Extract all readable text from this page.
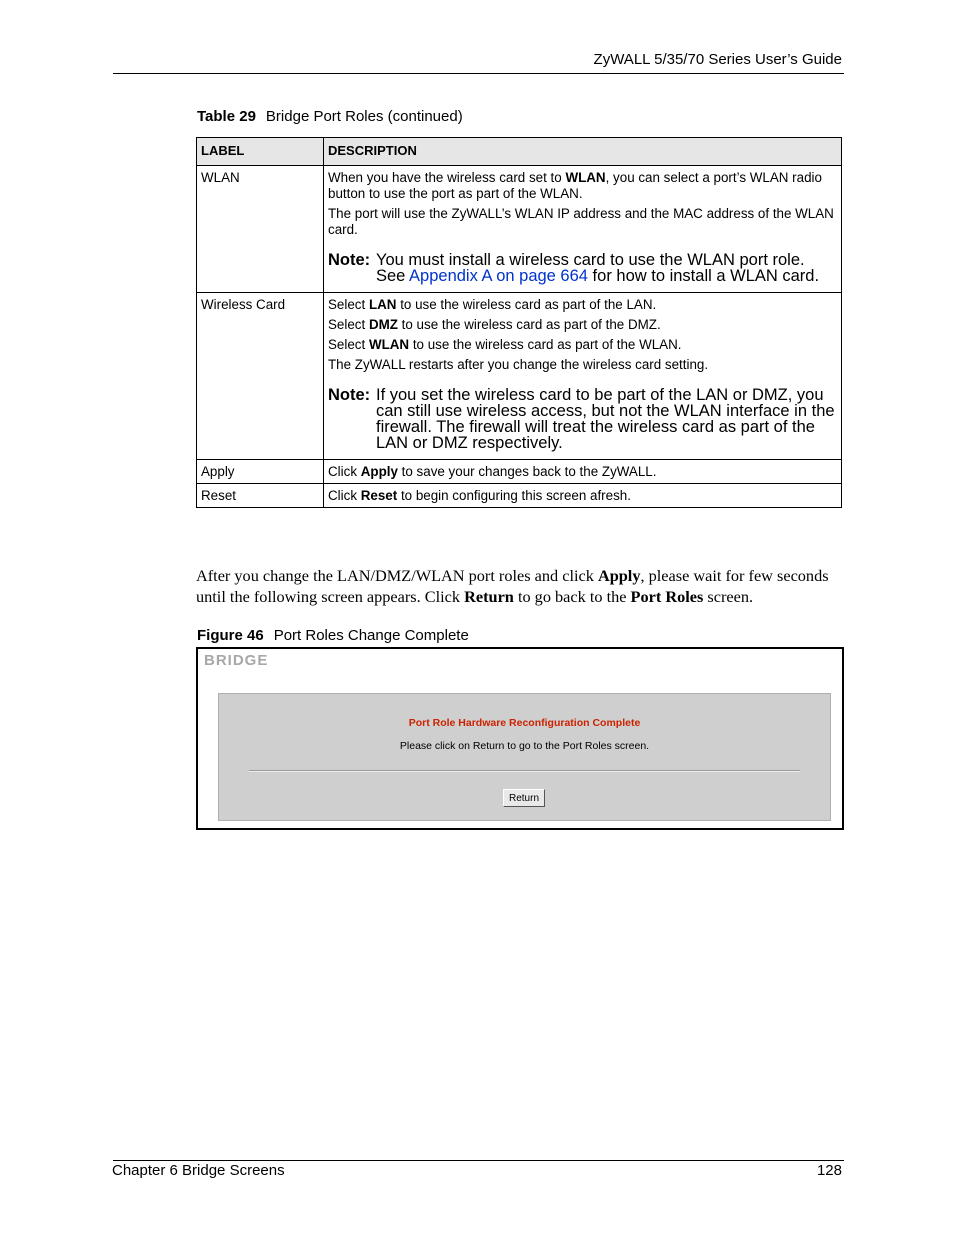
ZyWALL 5/35/70 Series User’s Guide
Table 29 Bridge Port Roles (continued)
LABEL	DESCRIPTION
WLAN	When you have the wireless card set to WLAN, you can select a port’s WLAN radio button to use the port as part of the WLAN.

The port will use the ZyWALL’s WLAN IP address and the MAC address of the WLAN card.

Note: You must install a wireless card to use the WLAN port role. See Appendix A on page 664 for how to install a WLAN card.

Wireless Card	Select LAN to use the wireless card as part of the LAN.

Select DMZ to use the wireless card as part of the DMZ.

Select WLAN to use the wireless card as part of the WLAN.

The ZyWALL restarts after you change the wireless card setting.

Note: If you set the wireless card to be part of the LAN or DMZ, you can still use wireless access, but not the WLAN interface in the firewall. The firewall will treat the wireless card as part of the LAN or DMZ respectively.

Apply	Click Apply to save your changes back to the ZyWALL.
Reset	Click Reset to begin configuring this screen afresh.
After you change the LAN/DMZ/WLAN port roles and click Apply, please wait for few seconds until the following screen appears. Click Return to go back to the Port Roles screen.
Figure 46 Port Roles Change Complete
BRIDGE
Port Role Hardware Reconfiguration Complete
Please click on Return to go to the Port Roles screen.
Return
Chapter 6 Bridge Screens	128
